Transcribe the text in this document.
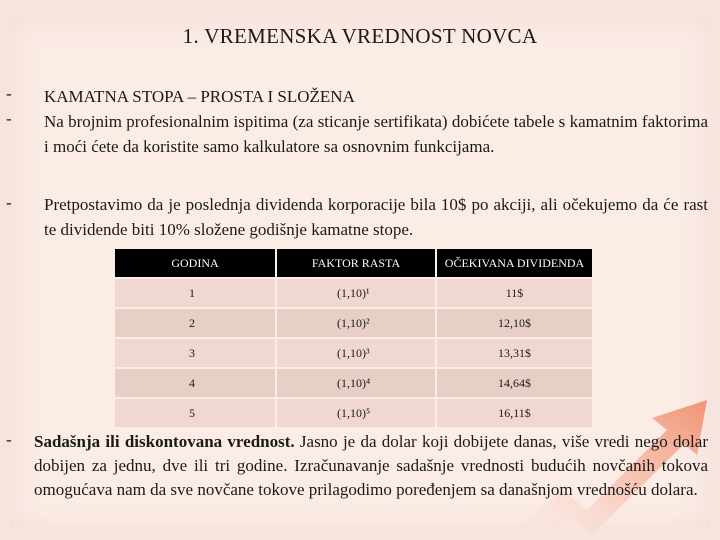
1. VREMENSKA VREDNOST NOVCA
- KAMATNA STOPA – PROSTA I SLOŽENA
- Na brojnim profesionalnim ispitima (za sticanje sertifikata) dobićete tabele s kamatnim faktorima i moći ćete da koristite samo kalkulatore sa osnovnim funkcijama.
- Pretpostavimo da je poslednja dividenda korporacije bila 10$ po akciji, ali očekujemo da će rast te dividende biti 10% složene godišnje kamatne stope.
GODINA	FAKTOR RASTA	OČEKIVANA DIVIDENDA
1	(1,10)¹	11$
2	(1,10)²	12,10$
3	(1,10)³	13,31$
4	(1,10)⁴	14,64$
5	(1,10)⁵	16,11$
- Sadašnja ili diskontovana vrednost. Jasno je da dolar koji dobijete danas, više vredi nego dolar dobijen za jednu, dve ili tri godine. Izračunavanje sadašnje vrednosti budućih novčanih tokova omogućava nam da sve novčane tokove prilagodimo poređenjem sa današnjom vrednošću dolara.
